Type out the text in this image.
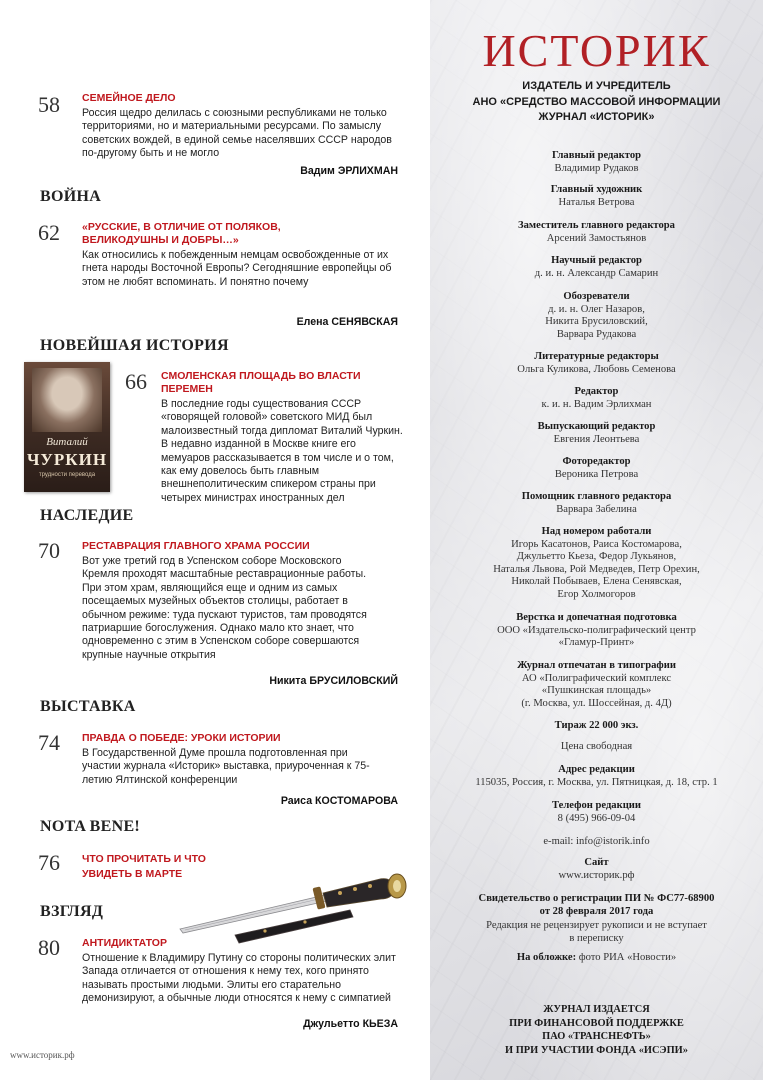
58 СЕМЕЙНОЕ ДЕЛО

Россия щедро делилась с союзными республиками не только территориями, но и материальными ресурсами. По замыслу советских вождей, в единой семье населявших СССР народов по-другому быть и не могло

Вадим ЭРЛИХМАН
ВОЙНА
62 «РУССКИЕ, В ОТЛИЧИЕ ОТ ПОЛЯКОВ, ВЕЛИКОДУШНЫ И ДОБРЫ…»

Как относились к побежденным немцам освобожденные от их гнета народы Восточной Европы? Сегодняшние европейцы об этом не любят вспоминать. И понятно почему

Елена СЕНЯВСКАЯ
НОВЕЙШАЯ ИСТОРИЯ
Виталий
ЧУРКИН
трудности перевода
66 СМОЛЕНСКАЯ ПЛОЩАДЬ ВО ВЛАСТИ ПЕРЕМЕН

В последние годы существования СССР «говорящей головой» советского МИД был малоизвестный тогда дипломат Виталий Чуркин. В недавно изданной в Москве книге его мемуаров рассказывается в том числе и о том, как ему довелось быть главным внешнеполитическим спикером страны при четырех министрах иностранных дел

НАСЛЕДИЕ
70 РЕСТАВРАЦИЯ ГЛАВНОГО ХРАМА РОССИИ

Вот уже третий год в Успенском соборе Московского Кремля проходят масштабные реставрационные работы. При этом храм, являющийся еще и одним из самых посещаемых музейных объектов столицы, работает в обычном режиме: туда пускают туристов, там проводятся патриаршие богослужения. Однако мало кто знает, что одновременно с этим в Успенском соборе совершаются крупные научные открытия

Никита БРУСИЛОВСКИЙ
ВЫСТАВКА
74 ПРАВДА О ПОБЕДЕ: УРОКИ ИСТОРИИ

В Государственной Думе прошла подготовленная при участии журнала «Историк» выставка, приуроченная к 75-летию Ялтинской конференции

Раиса КОСТОМАРОВА
NOTA BENE!
76 ЧТО ПРОЧИТАТЬ И ЧТО УВИДЕТЬ В МАРТЕ

ВЗГЛЯД
80 АНТИДИКТАТОР

Отношение к Владимиру Путину со стороны политических элит Запада отличается от отношения к нему тех, кого принято называть простыми людьми. Элиты его старательно демонизируют, а обычные люди относятся к нему с симпатией

Джульетто КЬЕЗА
www.историк.рф
ИСТОРИК
ИЗДАТЕЛЬ И УЧРЕДИТЕЛЬ
АНО «СРЕДСТВО МАССОВОЙ ИНФОРМАЦИИ
ЖУРНАЛ «ИСТОРИК»
Главный редактор
Владимир Рудаков
Главный художник
Наталья Ветрова
Заместитель главного редактора
Арсений Замостьянов
Научный редактор
д. и. н. Александр Самарин
Обозреватели
д. и. н. Олег Назаров,
Никита Брусиловский,
Варвара Рудакова
Литературные редакторы
Ольга Куликова, Любовь Семенова
Редактор
к. и. н. Вадим Эрлихман
Выпускающий редактор
Евгения Леонтьева
Фоторедактор
Вероника Петрова
Помощник главного редактора
Варвара Забелина
Над номером работали
Игорь Касатонов, Раиса Костомарова,
Джульетто Кьеза, Федор Лукьянов,
Наталья Львова, Рой Медведев, Петр Орехин,
Николай Побывaев, Елена Сенявская,
Егор Холмогоров
Верстка и допечатная подготовка
ООО «Издательско-полиграфический центр
«Гламур-Принт»
Журнал отпечатан в типографии
АО «Полиграфический комплекс
«Пушкинская площадь»
(г. Москва, ул. Шоссейная, д. 4Д)
Тираж 22 000 экз.
Цена свободная
Адрес редакции
115035, Россия, г. Москва, ул. Пятницкая, д. 18, стр. 1
Телефон редакции
8 (495) 966-09-04
e-mail: info@istorik.info
Сайт
www.историк.рф
Свидетельство о регистрации ПИ № ФС77-68900
от 28 февраля 2017 года
Редакция не рецензирует рукописи и не вступает
в переписку
На обложке: фото РИА «Новости»
ЖУРНАЛ ИЗДАЕТСЯ
ПРИ ФИНАНСОВОЙ ПОДДЕРЖКЕ
ПАО «ТРАНСНЕФТЬ»
И ПРИ УЧАСТИИ ФОНДА «ИСЭПИ»
